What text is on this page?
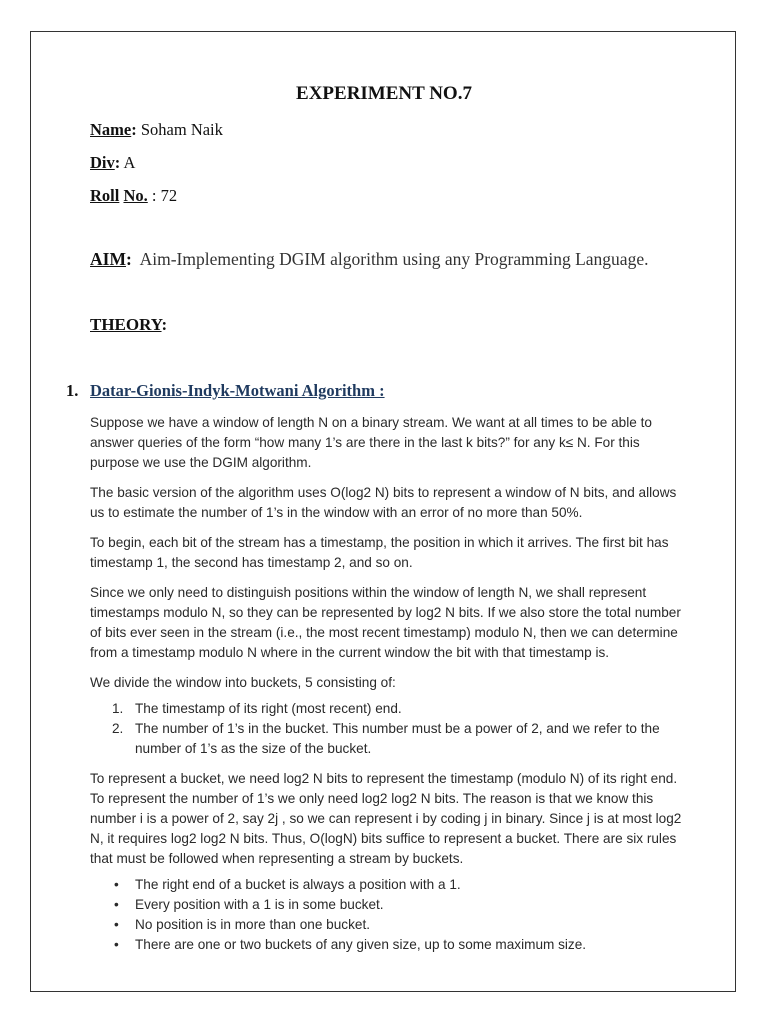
EXPERIMENT NO.7
Name: Soham Naik
Div: A
Roll No. : 72
AIM: Aim-Implementing DGIM algorithm using any Programming Language.
THEORY:
1. Datar-Gionis-Indyk-Motwani Algorithm :

Suppose we have a window of length N on a binary stream. We want at all times to be able to answer queries of the form “how many 1’s are there in the last k bits?” for any k≤ N. For this purpose we use the DGIM algorithm.

The basic version of the algorithm uses O(log2 N) bits to represent a window of N bits, and allows us to estimate the number of 1’s in the window with an error of no more than 50%.

To begin, each bit of the stream has a timestamp, the position in which it arrives. The first bit has timestamp 1, the second has timestamp 2, and so on.

Since we only need to distinguish positions within the window of length N, we shall represent timestamps modulo N, so they can be represented by log2 N bits. If we also store the total number of bits ever seen in the stream (i.e., the most recent timestamp) modulo N, then we can determine from a timestamp modulo N where in the current window the bit with that timestamp is.

We divide the window into buckets, 5 consisting of:

1. The timestamp of its right (most recent) end.
2. The number of 1’s in the bucket. This number must be a power of 2, and we refer to the number of 1’s as the size of the bucket.

To represent a bucket, we need log2 N bits to represent the timestamp (modulo N) of its right end. To represent the number of 1’s we only need log2 log2 N bits. The reason is that we know this number i is a power of 2, say 2j , so we can represent i by coding j in binary. Since j is at most log2 N, it requires log2 log2 N bits. Thus, O(logN) bits suffice to represent a bucket. There are six rules that must be followed when representing a stream by buckets.

• The right end of a bucket is always a position with a 1.
• Every position with a 1 is in some bucket.
• No position is in more than one bucket.
• There are one or two buckets of any given size, up to some maximum size.
